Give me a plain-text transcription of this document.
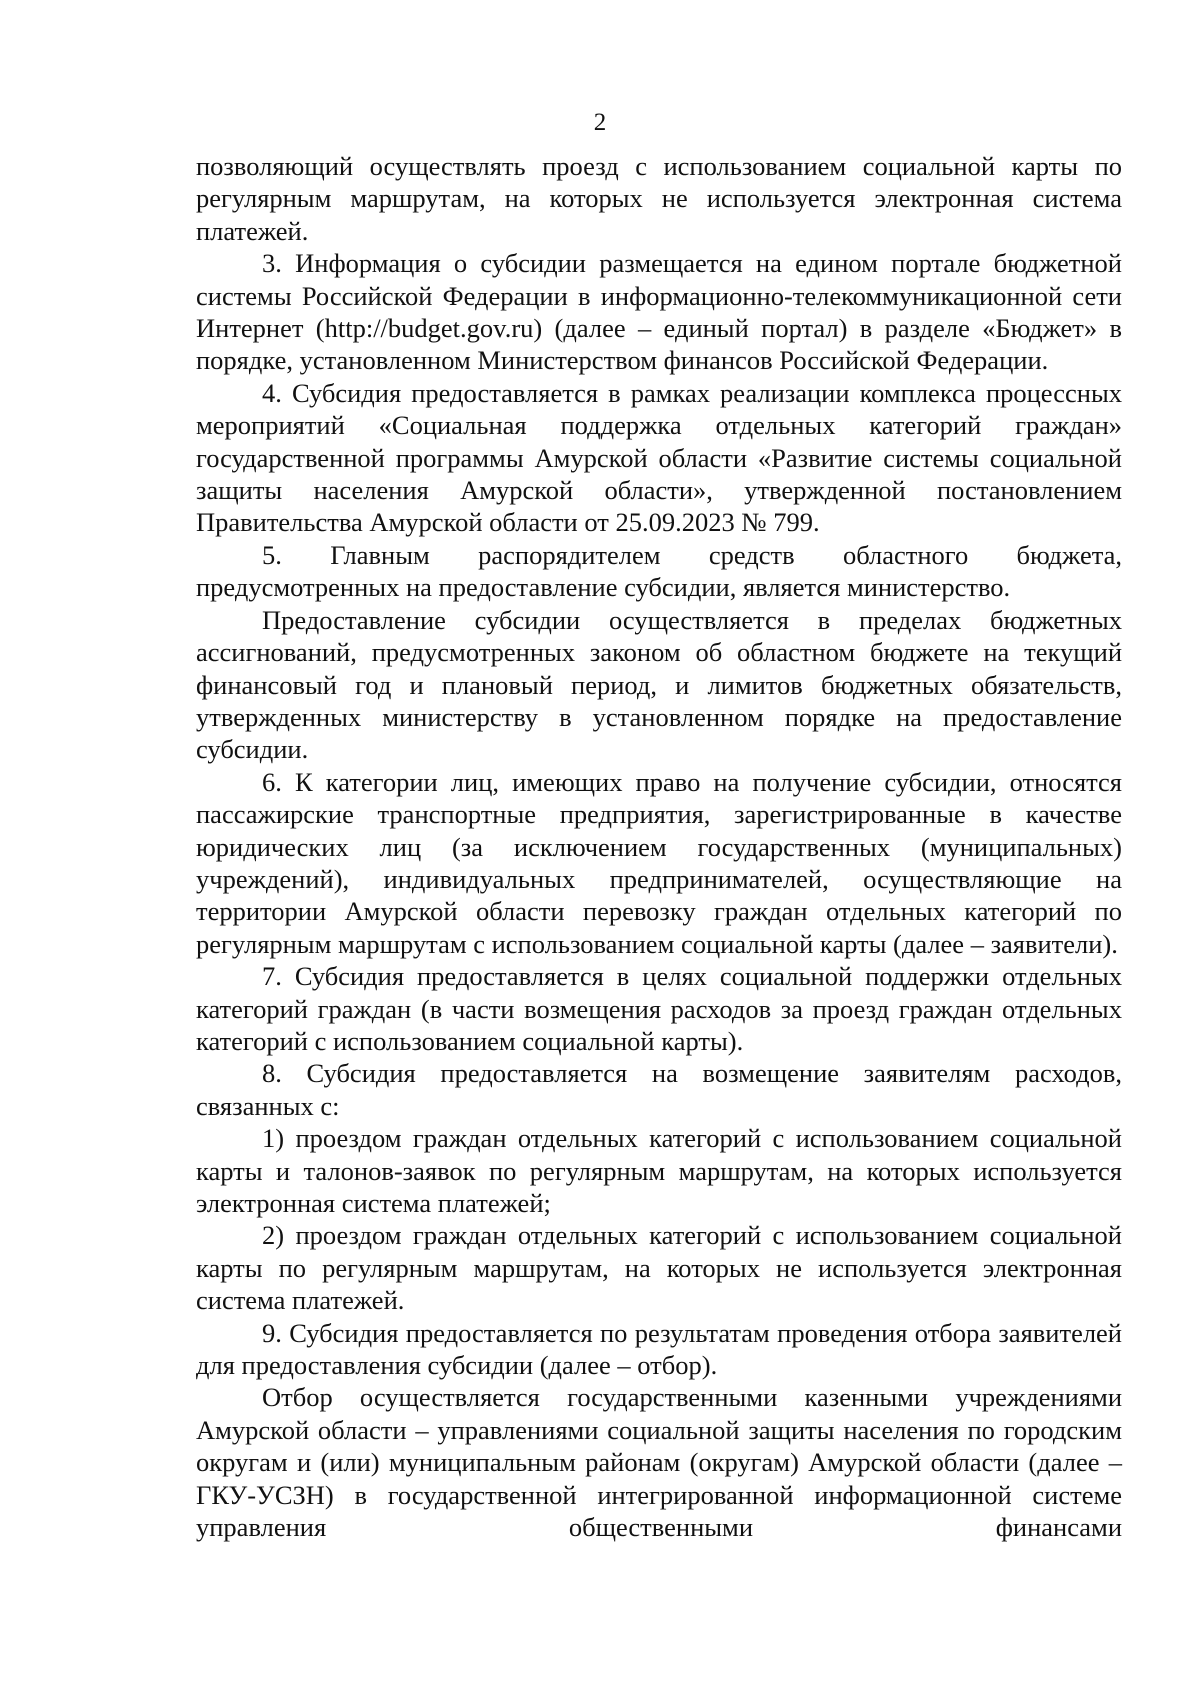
2

позволяющий осуществлять проезд с использованием социальной карты по регулярным маршрутам, на которых не используется электронная система платежей.

3. Информация о субсидии размещается на едином портале бюджетной системы Российской Федерации в информационно-телекоммуникационной сети Интернет (http://budget.gov.ru) (далее – единый портал) в разделе «Бюджет» в порядке, установленном Министерством финансов Российской Федерации.

4. Субсидия предоставляется в рамках реализации комплекса процессных мероприятий «Социальная поддержка отдельных категорий граждан» государственной программы Амурской области «Развитие системы социальной защиты населения Амурской области», утвержденной постановлением Правительства Амурской области от 25.09.2023 № 799.

5. Главным распорядителем средств областного бюджета, предусмотренных на предоставление субсидии, является министерство.

Предоставление субсидии осуществляется в пределах бюджетных ассигнований, предусмотренных законом об областном бюджете на текущий финансовый год и плановый период, и лимитов бюджетных обязательств, утвержденных министерству в установленном порядке на предоставление субсидии.

6. К категории лиц, имеющих право на получение субсидии, относятся пассажирские транспортные предприятия, зарегистрированные в качестве юридических лиц (за исключением государственных (муниципальных) учреждений), индивидуальных предпринимателей, осуществляющие на территории Амурской области перевозку граждан отдельных категорий по регулярным маршрутам с использованием социальной карты (далее – заявители).

7. Субсидия предоставляется в целях социальной поддержки отдельных категорий граждан (в части возмещения расходов за проезд граждан отдельных категорий с использованием социальной карты).

8. Субсидия предоставляется на возмещение заявителям расходов, связанных с:

1) проездом граждан отдельных категорий с использованием социальной карты и талонов-заявок по регулярным маршрутам, на которых используется электронная система платежей;

2) проездом граждан отдельных категорий с использованием социальной карты по регулярным маршрутам, на которых не используется электронная система платежей.

9. Субсидия предоставляется по результатам проведения отбора заявителей для предоставления субсидии (далее – отбор).

Отбор осуществляется государственными казенными учреждениями Амурской области – управлениями социальной защиты населения по городским округам и (или) муниципальным районам (округам) Амурской области (далее – ГКУ-УСЗН) в государственной интегрированной информационной системе управления общественными финансами
